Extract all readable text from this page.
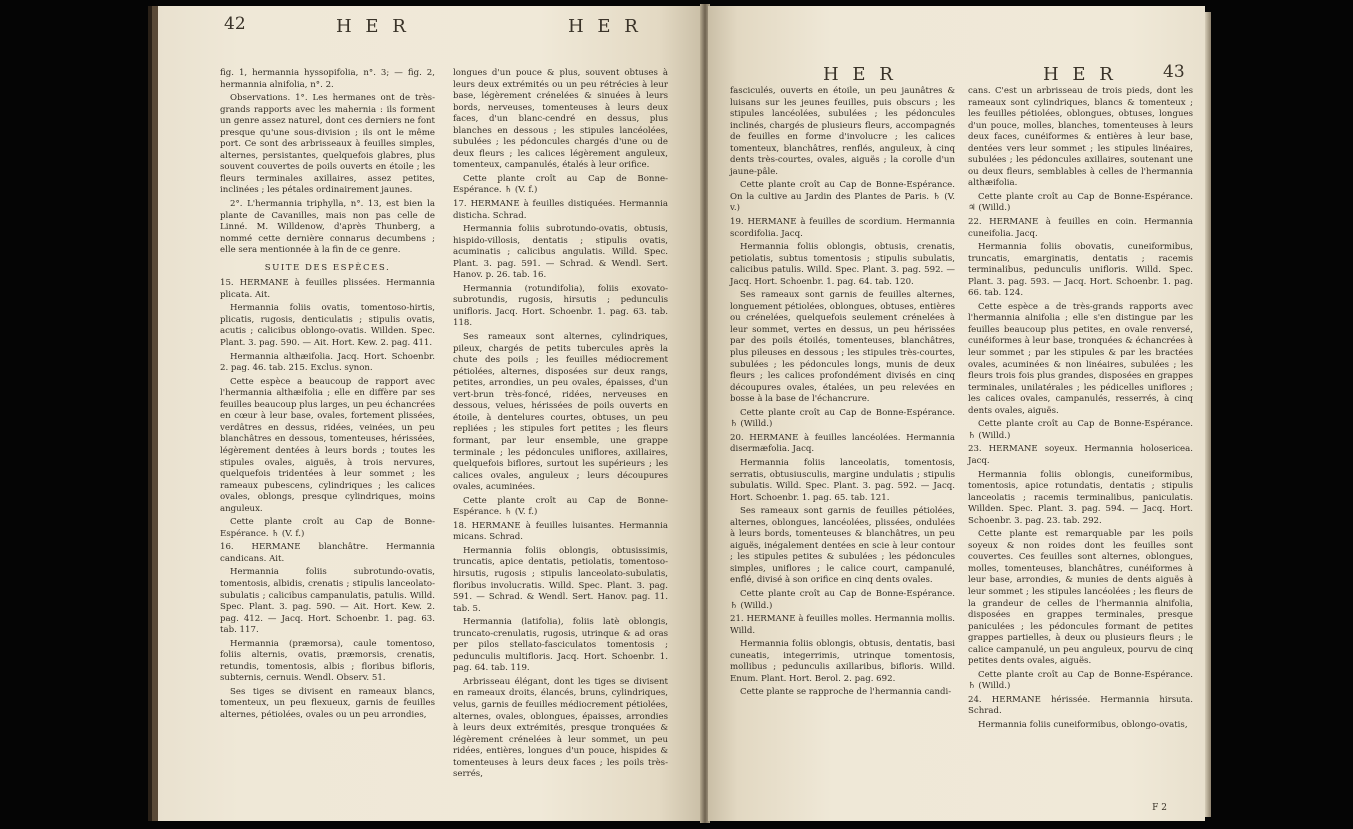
42	H E R	H E R

fig. 1, hermannia hyssopifolia, n°. 3; — fig. 2, hermannia alnifolia, n°. 2.

Observations. 1°. Les hermanes ont de très-grands rapports avec les mahernia : ils forment un genre assez naturel, dont ces derniers ne font presque qu'une sous-division ; ils ont le même port. Ce sont des arbrisseaux à feuilles simples, alternes, persistantes, quelquefois glabres, plus souvent couvertes de poils ouverts en étoile ; les fleurs terminales axillaires, assez petites, inclinées ; les pétales ordinairement jaunes.

2°. L'hermannia triphylla, n°. 13, est bien la plante de Cavanilles, mais non pas celle de Linné. M. Willdenow, d'après Thunberg, a nommé cette dernière connarus decumbens ; elle sera mentionnée à la fin de ce genre.

SUITE DES ESPÈCES.

15. HERMANE à feuilles plissées. Hermannia plicata. Ait.

Hermannia foliis ovatis, tomentoso-hirtis, plicatis, rugosis, denticulatis ; stipulis ovatis, acutis ; calicibus oblongo-ovatis. Willden. Spec. Plant. 3. pag. 590. — Ait. Hort. Kew. 2. pag. 411.

Hermannia althæifolia. Jacq. Hort. Schoenbr. 2. pag. 46. tab. 215. Exclus. synon.

Cette espèce a beaucoup de rapport avec l'hermannia althæifolia ; elle en diffère par ses feuilles beaucoup plus larges, un peu échancrées en cœur à leur base, ovales, fortement plissées, verdâtres en dessus, ridées, veinées, un peu blanchâtres en dessous, tomenteuses, hérissées, légèrement dentées à leurs bords ; toutes les stipules ovales, aiguës, à trois nervures, quelquefois tridentées à leur sommet ; les rameaux pubescens, cylindriques ; les calices ovales, oblongs, presque cylindriques, moins anguleux.

Cette plante croît au Cap de Bonne-Espérance. ♄ (V. f.)

16. HERMANE blanchâtre. Hermannia candicans. Ait.

Hermannia foliis subrotundo-ovatis, tomentosis, albidis, crenatis ; stipulis lanceolato-subulatis ; calicibus campanulatis, patulis. Willd. Spec. Plant. 3. pag. 590. — Ait. Hort. Kew. 2. pag. 412. — Jacq. Hort. Schoenbr. 1. pag. 63. tab. 117.

Hermannia (præmorsa), caule tomentoso, foliis alternis, ovatis, præmorsis, crenatis, retundis, tomentosis, albis ; floribus bifloris, subternis, cernuis. Wendl. Observ. 51.

Ses tiges se divisent en rameaux blancs, tomenteux, un peu flexueux, garnis de feuilles alternes, pétiolées, ovales ou un peu arrondies,

longues d'un pouce & plus, souvent obtuses à leurs deux extrémités ou un peu rétrécies à leur base, légèrement crénelées & sinuées à leurs bords, nerveuses, tomenteuses à leurs deux faces, d'un blanc-cendré en dessus, plus blanches en dessous ; les stipules lancéolées, subulées ; les pédoncules chargés d'une ou de deux fleurs ; les calices légèrement anguleux, tomenteux, campanulés, étalés à leur orifice.

Cette plante croît au Cap de Bonne-Espérance. ♄ (V. f.)

17. HERMANE à feuilles distiquées. Hermannia disticha. Schrad.

Hermannia foliis subrotundo-ovatis, obtusis, hispido-villosis, dentatis ; stipulis ovatis, acuminatis ; calicibus angulatis. Willd. Spec. Plant. 3. pag. 591. — Schrad. & Wendl. Sert. Hanov. p. 26. tab. 16.

Hermannia (rotundifolia), foliis exovato-subrotundis, rugosis, hirsutis ; pedunculis unifloris. Jacq. Hort. Schoenbr. 1. pag. 63. tab. 118.

Ses rameaux sont alternes, cylindriques, pileux, chargés de petits tubercules après la chute des poils ; les feuilles médiocrement pétiolées, alternes, disposées sur deux rangs, petites, arrondies, un peu ovales, épaisses, d'un vert-brun très-foncé, ridées, nerveuses en dessous, velues, hérissées de poils ouverts en étoile, à dentelures courtes, obtuses, un peu repliées ; les stipules fort petites ; les fleurs formant, par leur ensemble, une grappe terminale ; les pédoncules uniflores, axillaires, quelquefois biflores, surtout les supérieurs ; les calices ovales, anguleux ; leurs découpures ovales, acuminées.

Cette plante croît au Cap de Bonne-Espérance. ♄ (V. f.)

18. HERMANE à feuilles luisantes. Hermannia micans. Schrad.

Hermannia foliis oblongis, obtusissimis, truncatis, apice dentatis, petiolatis, tomentoso-hirsutis, rugosis ; stipulis lanceolato-subulatis, floribus involucratis. Willd. Spec. Plant. 3. pag. 591. — Schrad. & Wendl. Sert. Hanov. pag. 11. tab. 5.

Hermannia (latifolia), foliis latè oblongis, truncato-crenulatis, rugosis, utrinque & ad oras per pilos stellato-fasciculatos tomentosis ; pedunculis multifloris. Jacq. Hort. Schoenbr. 1. pag. 64. tab. 119.

Arbrisseau élégant, dont les tiges se divisent en rameaux droits, élancés, bruns, cylindriques, velus, garnis de feuilles médiocrement pétiolées, alternes, ovales, oblongues, épaisses, arrondies à leurs deux extrémités, presque tronquées & légèrement crénelées à leur sommet, un peu ridées, entières, longues d'un pouce, hispides & tomenteuses à leurs deux faces ; les poils très-serrés,

H E R	H E R	43

fasciculés, ouverts en étoile, un peu jaunâtres & luisans sur les jeunes feuilles, puis obscurs ; les stipules lancéolées, subulées ; les pédoncules inclinés, chargés de plusieurs fleurs, accompagnés de feuilles en forme d'involucre ; les calices tomenteux, blanchâtres, renflés, anguleux, à cinq dents très-courtes, ovales, aiguës ; la corolle d'un jaune-pâle.

Cette plante croît au Cap de Bonne-Espérance. On la cultive au Jardin des Plantes de Paris. ♄ (V. v.)

19. HERMANE à feuilles de scordium. Hermannia scordifolia. Jacq.

Hermannia foliis oblongis, obtusis, crenatis, petiolatis, subtus tomentosis ; stipulis subulatis, calicibus patulis. Willd. Spec. Plant. 3. pag. 592. — Jacq. Hort. Schoenbr. 1. pag. 64. tab. 120.

Ses rameaux sont garnis de feuilles alternes, longuement pétiolées, oblongues, obtuses, entières ou crénelées, quelquefois seulement crénelées à leur sommet, vertes en dessus, un peu hérissées par des poils étoilés, tomenteuses, blanchâtres, plus pileuses en dessous ; les stipules très-courtes, subulées ; les pédoncules longs, munis de deux fleurs ; les calices profondément divisés en cinq découpures ovales, étalées, un peu relevées en bosse à la base de l'échancrure.

Cette plante croît au Cap de Bonne-Espérance. ♄ (Willd.)

20. HERMANE à feuilles lancéolées. Hermannia disermæfolia. Jacq.

Hermannia foliis lanceolatis, tomentosis, serratis, obtusiusculis, margine undulatis ; stipulis subulatis. Willd. Spec. Plant. 3. pag. 592. — Jacq. Hort. Schoenbr. 1. pag. 65. tab. 121.

Ses rameaux sont garnis de feuilles pétiolées, alternes, oblongues, lancéolées, plissées, ondulées à leurs bords, tomenteuses & blanchâtres, un peu aiguës, inégalement dentées en scie à leur contour ; les stipules petites & subulées ; les pédoncules simples, uniflores ; le calice court, campanulé, enflé, divisé à son orifice en cinq dents ovales.

Cette plante croît au Cap de Bonne-Espérance. ♄ (Willd.)

21. HERMANE à feuilles molles. Hermannia mollis. Willd.

Hermannia foliis oblongis, obtusis, dentatis, basi cuneatis, integerrimis, utrinque tomentosis, mollibus ; pedunculis axillaribus, bifloris. Willd. Enum. Plant. Hort. Berol. 2. pag. 692.

Cette plante se rapproche de l'hermannia candi-

cans. C'est un arbrisseau de trois pieds, dont les rameaux sont cylindriques, blancs & tomenteux ; les feuilles pétiolées, oblongues, obtuses, longues d'un pouce, molles, blanches, tomenteuses à leurs deux faces, cunéiformes & entières à leur base, dentées vers leur sommet ; les stipules linéaires, subulées ; les pédoncules axillaires, soutenant une ou deux fleurs, semblables à celles de l'hermannia althæifolia.

Cette plante croît au Cap de Bonne-Espérance. ♃ (Willd.)

22. HERMANE à feuilles en coin. Hermannia cuneifolia. Jacq.

Hermannia foliis obovatis, cuneiformibus, truncatis, emarginatis, dentatis ; racemis terminalibus, pedunculis unifloris. Willd. Spec. Plant. 3. pag. 593. — Jacq. Hort. Schoenbr. 1. pag. 66. tab. 124.

Cette espèce a de très-grands rapports avec l'hermannia alnifolia ; elle s'en distingue par les feuilles beaucoup plus petites, en ovale renversé, cunéiformes à leur base, tronquées & échancrées à leur sommet ; par les stipules & par les bractées ovales, acuminées & non linéaires, subulées ; les fleurs trois fois plus grandes, disposées en grappes terminales, unilatérales ; les pédicelles uniflores ; les calices ovales, campanulés, resserrés, à cinq dents ovales, aiguës.

Cette plante croît au Cap de Bonne-Espérance. ♄ (Willd.)

23. HERMANE soyeux. Hermannia holosericea. Jacq.

Hermannia foliis oblongis, cuneiformibus, tomentosis, apice rotundatis, dentatis ; stipulis lanceolatis ; racemis terminalibus, paniculatis. Willden. Spec. Plant. 3. pag. 594. — Jacq. Hort. Schoenbr. 3. pag. 23. tab. 292.

Cette plante est remarquable par les poils soyeux & non roides dont les feuilles sont couvertes. Ces feuilles sont alternes, oblongues, molles, tomenteuses, blanchâtres, cunéiformes à leur base, arrondies, & munies de dents aiguës à leur sommet ; les stipules lancéolées ; les fleurs de la grandeur de celles de l'hermannia alnifolia, disposées en grappes terminales, presque paniculées ; les pédoncules formant de petites grappes partielles, à deux ou plusieurs fleurs ; le calice campanulé, un peu anguleux, pourvu de cinq petites dents ovales, aiguës.

Cette plante croît au Cap de Bonne-Espérance. ♄ (Willd.)

24. HERMANE hérissée. Hermannia hirsuta. Schrad.

Hermannia foliis cuneiformibus, oblongo-ovatis,

F 2
